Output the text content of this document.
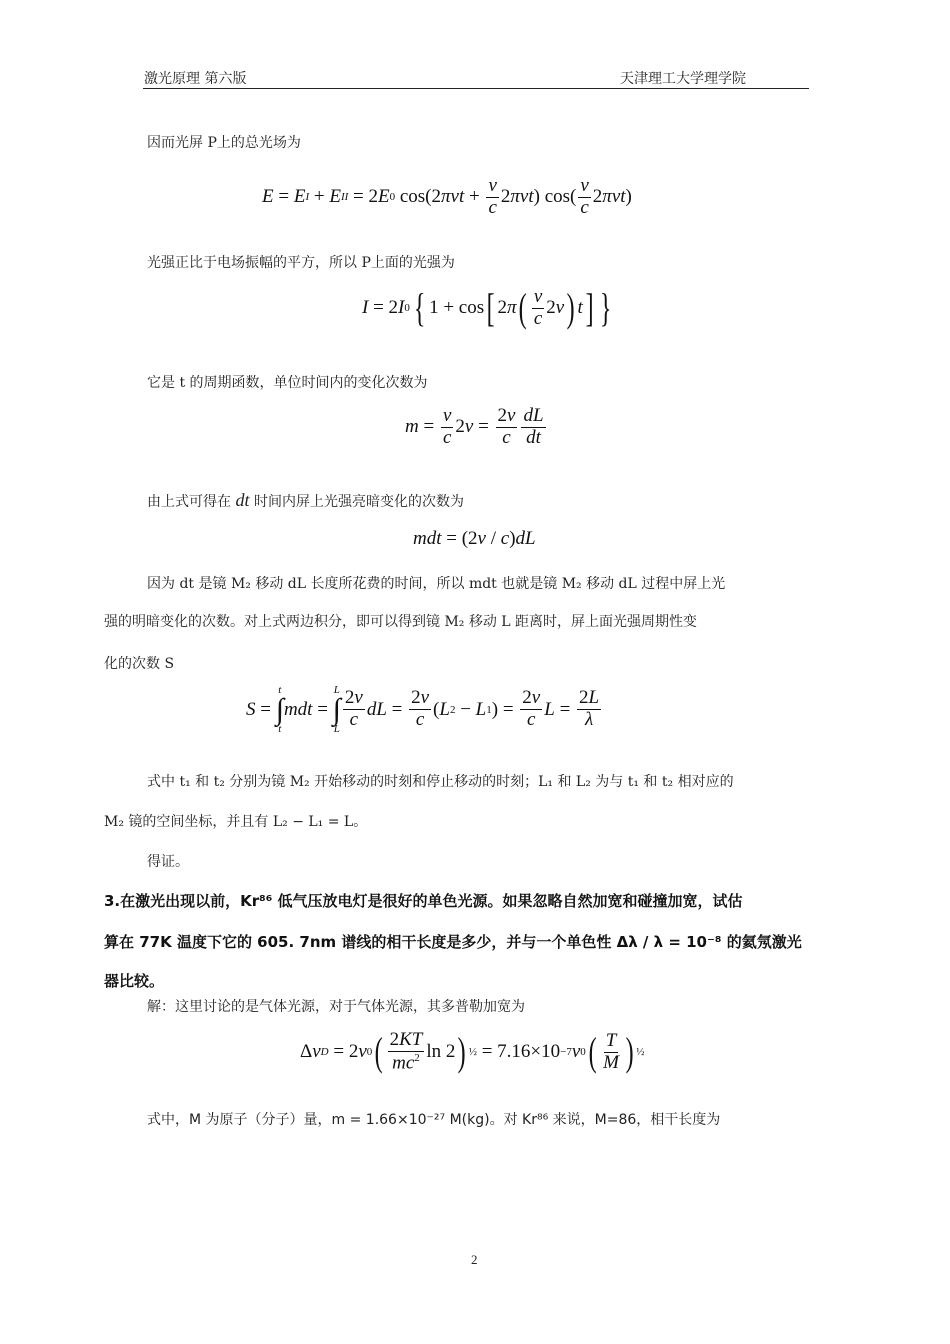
激光原理 第六版	天津理工大学理学院
因而光屏 P上的总光场为
E = E I + E II = 2 E 0 cos(2 $\pi\nu t + \frac{v}{c} 2$ πνt ) $\cos( \frac{v}{c} 2$ πνt )
光强正比于电场振幅的平方，所以 P上面的光强为
I = 2 I 0 { 1 + cos [ 2 π ( $\frac{v}{c} 2$ ν ) t ] }
它是 t 的周期函数，单位时间内的变化次数为
$m = \frac{v}{c} 2$ $\nu = \frac{2\nu}{c} \frac{dL}{dt}$
由上式可得在 dt 时间内屏上光强亮暗变化的次数为
mdt = (2 ν / c ) dL
因为 dt 是镜 M₂ 移动 dL 长度所花费的时间，所以 mdt 也就是镜 M₂ 移动 dL 过程中屏上光
强的明暗变化的次数。对上式两边积分，即可以得到镜 M₂ 移动 L 距离时，屏上面光强周期性变
化的次数 S
S =
t
∫
t
mdt =
L
∫
L $\frac{2\nu}{c}$ dL = $\frac{2\nu}{c}$ ( L 2 − L 1 ) = $\frac{2\nu}{c}$ $L = \frac{2L}{\lambda}$
式中 t₁ 和 t₂ 分别为镜 M₂ 开始移动的时刻和停止移动的时刻；L₁ 和 L₂ 为与 t₁ 和 t₂ 相对应的
M₂ 镜的空间坐标，并且有 L₂ − L₁ = L。
得证。
3.在激光出现以前，Kr⁸⁶ 低气压放电灯是很好的单色光源。如果忽略自然加宽和碰撞加宽，试估
算在 77K 温度下它的 605. 7nm 谱线的相干长度是多少，并与一个单色性 Δλ / λ = 10⁻⁸ 的氦氖激光
器比较。
解：这里讨论的是气体光源，对于气体光源，其多普勒加宽为
Δ ν D = 2 ν 0 ( $\frac{2KT}{mc^2}$ ln 2 ) ½ = 7.16×10 −7 ν 0 ( $\frac{T}{M}$ ) ½
式中，M 为原子（分子）量，m = 1.66×10⁻²⁷ M(kg)。对 Kr⁸⁶ 来说，M=86，相干长度为
2
